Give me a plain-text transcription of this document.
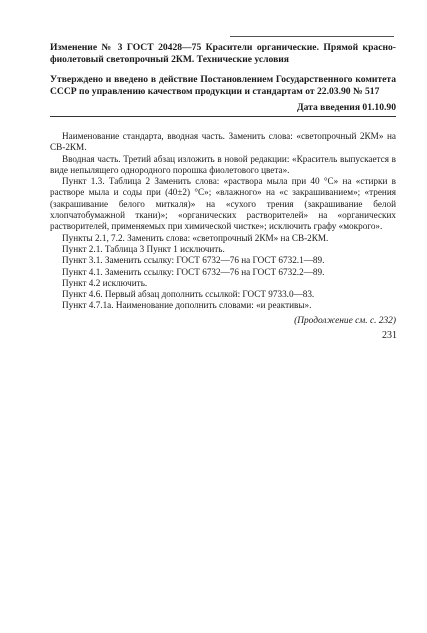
Изменение № 3 ГОСТ 20428—75 Красители органические. Прямой красно-фиолетовый светопрочный 2КМ. Технические условия

Утверждено и введено в действие Постановлением Государственного комитета СССР по управлению качеством продукции и стандартам от 22.03.90 № 517

Дата введения 01.10.90

Наименование стандарта, вводная часть. Заменить слова: «светопрочный 2КМ» на СВ-2КМ.

Вводная часть. Третий абзац изложить в новой редакции: «Краситель выпускается в виде непылящего однородного порошка фиолетового цвета».

Пункт 1.3. Таблица 2 Заменить слова: «раствора мыла при 40 °С» на «стирки в растворе мыла и соды при (40±2) °С»; «влажного» на «с закрашиванием»; «трения (закрашивание белого миткаля)» на «сухого трения (закрашивание белой хлопчатобумажной ткани)»; «органических растворителей» на «органических растворителей, применяемых при химической чистке»; исключить графу «мокрого».

Пункты 2.1, 7.2. Заменить слова: «светопрочный 2КМ» на СВ-2КМ.

Пункт 2.1. Таблица 3 Пункт 1 исключить.

Пункт 3.1. Заменить ссылку: ГОСТ 6732—76 на ГОСТ 6732.1—89.

Пункт 4.1. Заменить ссылку: ГОСТ 6732—76 на ГОСТ 6732.2—89.

Пункт 4.2 исключить.

Пункт 4.6. Первый абзац дополнить ссылкой: ГОСТ 9733.0—83.

Пункт 4.7.1а. Наименование дополнить словами: «и реактивы».

(Продолжение см. с. 232)
231
